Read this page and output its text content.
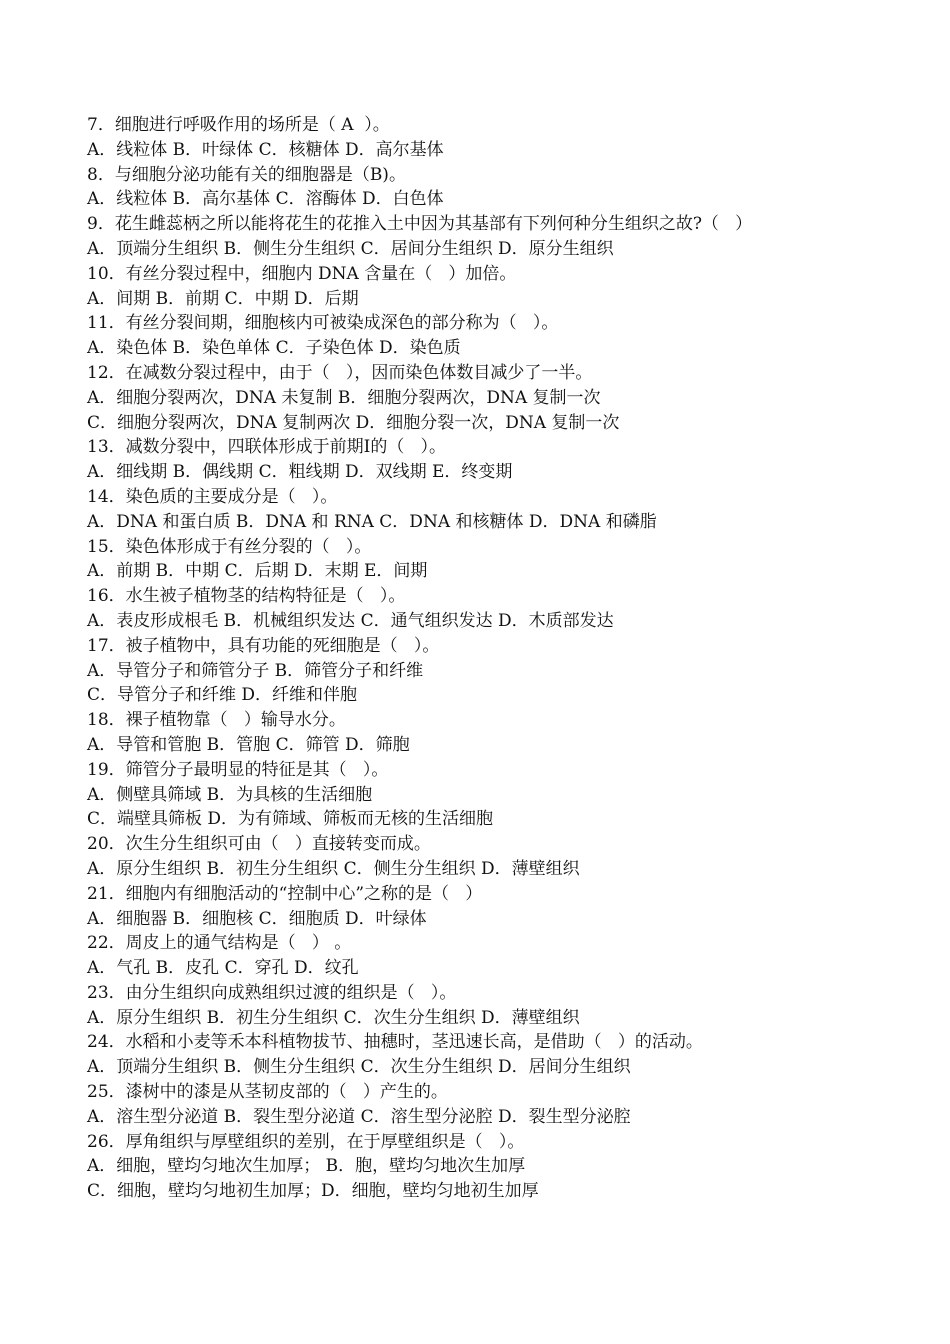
7．细胞进行呼吸作用的场所是（ A  ）。
A．线粒体 B．叶绿体 C．核糖体 D．高尔基体
8．与细胞分泌功能有关的细胞器是（B)。
A．线粒体 B．高尔基体 C．溶酶体 D．白色体
9．花生雌蕊柄之所以能将花生的花推入土中因为其基部有下列何种分生组织之故?（   ）
A．顶端分生组织 B．侧生分生组织 C．居间分生组织 D．原分生组织
10．有丝分裂过程中，细胞内 DNA 含量在（   ）加倍。
A．间期 B．前期 C．中期 D．后期
11．有丝分裂间期，细胞核内可被染成深色的部分称为（   ）。
A．染色体 B．染色单体 C．子染色体 D．染色质
12．在减数分裂过程中，由于（   ），因而染色体数目减少了一半。
A．细胞分裂两次，DNA 未复制 B．细胞分裂两次，DNA 复制一次
C．细胞分裂两次，DNA 复制两次 D．细胞分裂一次，DNA 复制一次
13．减数分裂中，四联体形成于前期Ⅰ的（   ）。
A．细线期 B．偶线期 C．粗线期 D．双线期 E．终变期
14．染色质的主要成分是（   ）。
A．DNA 和蛋白质 B．DNA 和 RNA C．DNA 和核糖体 D．DNA 和磷脂
15．染色体形成于有丝分裂的（   ）。
A．前期 B．中期 C．后期 D．末期 E．间期
16．水生被子植物茎的结构特征是（   ）。
A．表皮形成根毛 B．机械组织发达 C．通气组织发达 D．木质部发达
17．被子植物中，具有功能的死细胞是（   ）。
A．导管分子和筛管分子 B．筛管分子和纤维
C．导管分子和纤维 D．纤维和伴胞
18．裸子植物靠（   ）输导水分。
A．导管和管胞 B．管胞 C．筛管 D．筛胞
19．筛管分子最明显的特征是其（   ）。
A．侧壁具筛域 B．为具核的生活细胞
C．端壁具筛板 D．为有筛域、筛板而无核的生活细胞
20．次生分生组织可由（   ）直接转变而成。
A．原分生组织 B．初生分生组织 C．侧生分生组织 D．薄壁组织
21．细胞内有细胞活动的“控制中心”之称的是（   ）
A．细胞器 B．细胞核 C．细胞质 D．叶绿体
22．周皮上的通气结构是（   ） 。
A．气孔 B．皮孔 C．穿孔 D．纹孔
23．由分生组织向成熟组织过渡的组织是（   ）。
A．原分生组织 B．初生分生组织 C．次生分生组织 D．薄壁组织
24．水稻和小麦等禾本科植物拔节、抽穗时，茎迅速长高，是借助（   ）的活动。
A．顶端分生组织 B．侧生分生组织 C．次生分生组织 D．居间分生组织
25．漆树中的漆是从茎韧皮部的（   ）产生的。
A．溶生型分泌道 B．裂生型分泌道 C．溶生型分泌腔 D．裂生型分泌腔
26．厚角组织与厚壁组织的差别，在于厚壁组织是（   ）。
A．细胞，壁均匀地次生加厚； B．胞，壁均匀地次生加厚
C．细胞，壁均匀地初生加厚；D．细胞，壁均匀地初生加厚
